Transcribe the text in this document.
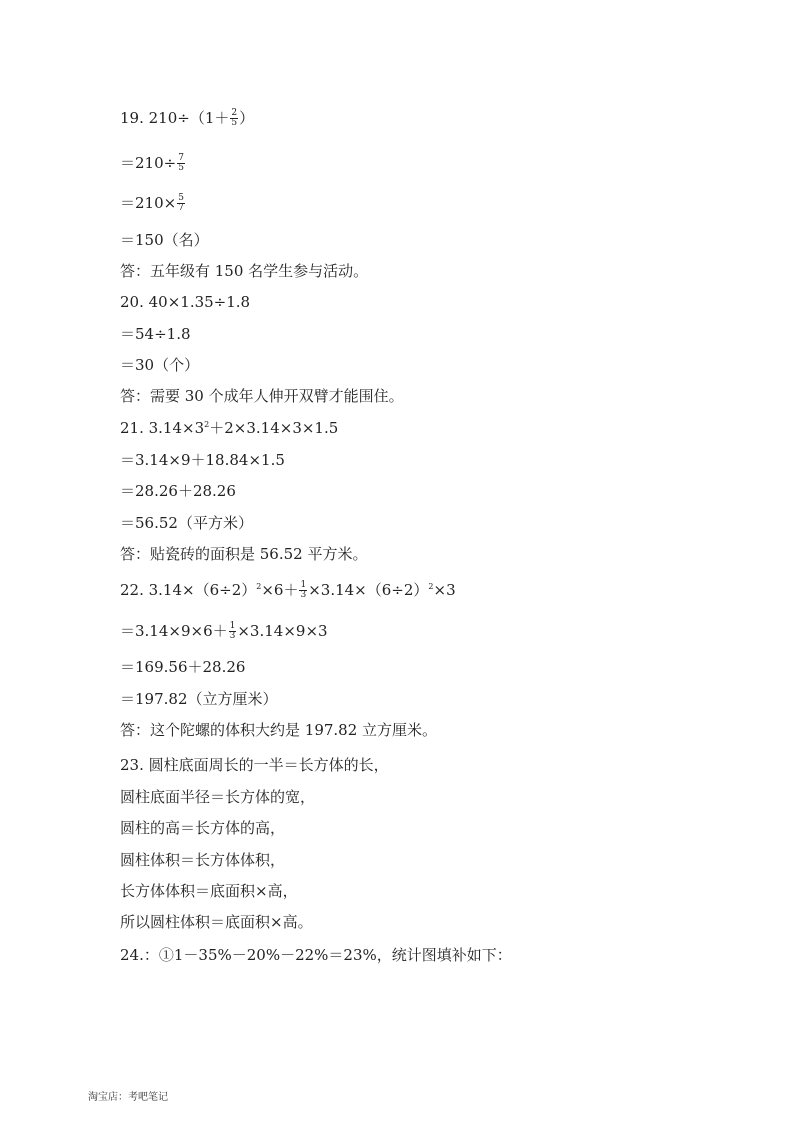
19. $210\div(1+ \frac{2}{5}$ ）
$=210\div \frac{7}{5}$
$=210\times \frac{5}{7}$
＝150（名）
答：五年级有 150 名学生参与活动。
20. 40×1.35÷1.8
＝54÷1.8
＝30（个）
答：需要 30 个成年人伸开双臂才能围住。
21. $3.14\times 3^2+2\times 3.14\times 3\times 1.5$
＝3.14×9＋18.84×1.5
＝28.26＋28.26
＝56.52（平方米）
答：贴瓷砖的面积是 56.52 平方米。
22. $3.14\times(6\div 2)^2\times 6+ \frac{1}{3} \times 3.14\times(6\div 2)^2\times 3$
$=3.14\times 9\times 6+ \frac{1}{3} \times 3.14\times 9\times 3$
＝169.56＋28.26
＝197.82（立方厘米）
答：这个陀螺的体积大约是 197.82 立方厘米。
23. 圆柱底面周长的一半＝长方体的长，
圆柱底面半径＝长方体的宽，
圆柱的高＝长方体的高，
圆柱体积＝长方体体积，
长方体体积＝底面积×高，
所以圆柱体积＝底面积×高。
24.：①1－35%－20%－22%＝23%，统计图填补如下：
淘宝店：考吧笔记
